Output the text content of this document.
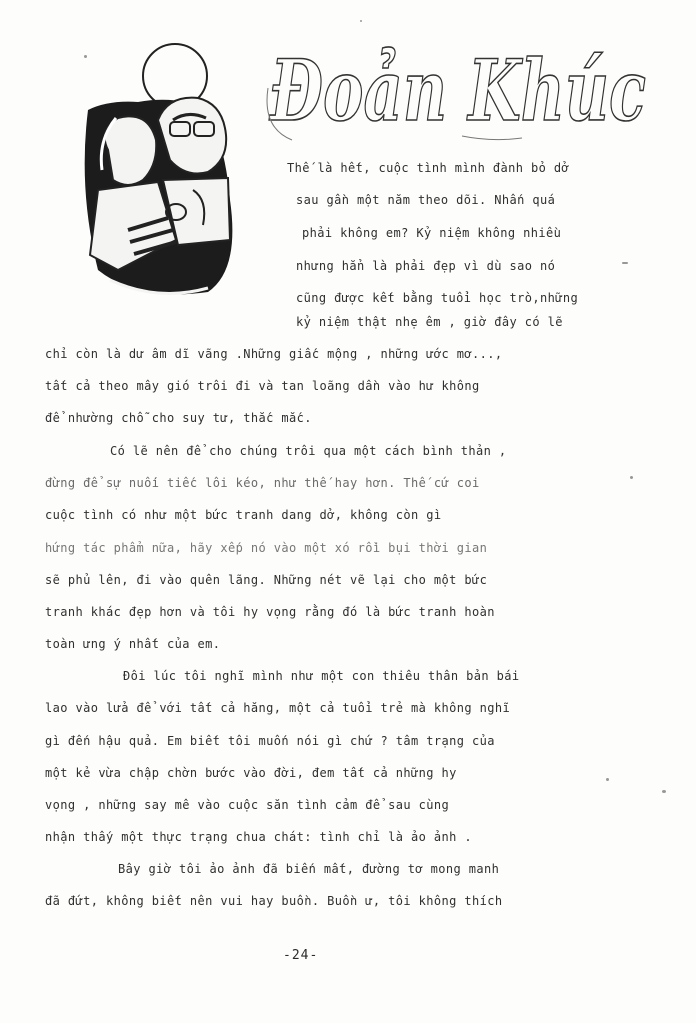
Đoản Khúc
Thế là hết, cuộc tình mình đành bỏ dở
sau gần một năm theo dõi. Nhấn quá
phải không em? Kỷ niệm không nhiều
nhưng hẳn là phải đẹp vì dù sao nó
cũng được kết bằng tuổi học trò,những
kỷ niệm thật nhẹ êm , giờ đây có lẽ
chỉ còn là dư âm dĩ vãng .Những giấc mộng , những ước mơ...,
tất cả theo mây gió trôi đi và tan loãng dần vào hư không
để nhường chỗ cho suy tư, thắc mắc.
Có lẽ nên để cho chúng trôi qua một cách bình thản ,
đừng để sự nuối tiếc lôi kéo, như thế hay hơn. Thế cứ coi
cuộc tình có như một bức tranh dang dở, không còn gì
hứng tác phẩm nữa, hãy xếp nó vào một xó rồi bụi thời gian
sẽ phủ lên, đi vào quên lãng. Những nét vẽ lại cho một bức
tranh khác đẹp hơn và tôi hy vọng rằng đó là bức tranh hoàn
toàn ưng ý nhất của em.
Đôi lúc tôi nghĩ mình như một con thiêu thân bản bái
lao vào lửa để với tất cả hăng, một cả tuổi trẻ mà không nghĩ
gì đến hậu quả. Em biết tôi muốn nói gì chứ ? tâm trạng của
một kẻ vừa chập chờn bước vào đời, đem tất cả những hy
vọng , những say mê vào cuộc săn tình cảm để sau cùng
nhận thấy một thực trạng chua chát: tình chỉ là ảo ảnh .
Bây giờ tôi ảo ảnh đã biến mất, đường tơ mong manh
đã đứt, không biết nên vui hay buồn. Buồn ư, tôi không thích
-24-
